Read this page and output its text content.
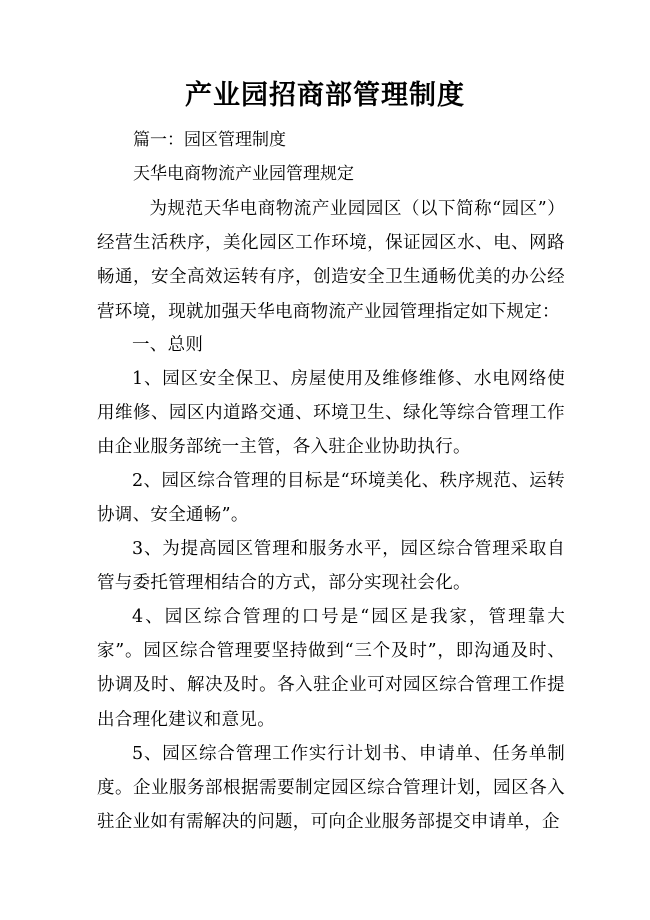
产业园招商部管理制度

篇一：园区管理制度

天华电商物流产业园管理规定

为规范天华电商物流产业园园区（以下简称“园区”）经营生活秩序，美化园区工作环境，保证园区水、电、网路畅通，安全高效运转有序，创造安全卫生通畅优美的办公经营环境，现就加强天华电商物流产业园管理指定如下规定：

一、总则

1、园区安全保卫、房屋使用及维修维修、水电网络使用维修、园区内道路交通、环境卫生、绿化等综合管理工作由企业服务部统一主管，各入驻企业协助执行。

2、园区综合管理的目标是“环境美化、秩序规范、运转协调、安全通畅”。

3、为提高园区管理和服务水平，园区综合管理采取自管与委托管理相结合的方式，部分实现社会化。

4、园区综合管理的口号是“园区是我家，管理靠大家”。园区综合管理要坚持做到“三个及时”，即沟通及时、协调及时、解决及时。各入驻企业可对园区综合管理工作提出合理化建议和意见。

5、园区综合管理工作实行计划书、申请单、任务单制度。企业服务部根据需要制定园区综合管理计划，园区各入驻企业如有需解决的问题，可向企业服务部提交申请单，企
